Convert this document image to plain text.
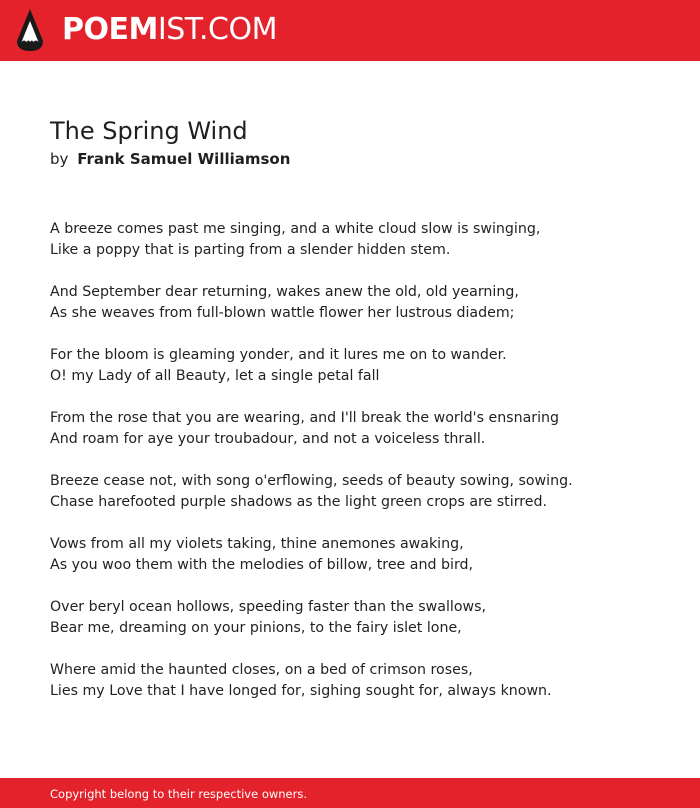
POEMIST.COM
The Spring Wind
by Frank Samuel Williamson

A breeze comes past me singing, and a white cloud slow is swinging,
Like a poppy that is parting from a slender hidden stem.

And September dear returning, wakes anew the old, old yearning,
As she weaves from full-blown wattle flower her lustrous diadem;

For the bloom is gleaming yonder, and it lures me on to wander.
O! my Lady of all Beauty, let a single petal fall

From the rose that you are wearing, and I'll break the world's ensnaring
And roam for aye your troubadour, and not a voiceless thrall.

Breeze cease not, with song o'erflowing, seeds of beauty sowing, sowing.
Chase harefooted purple shadows as the light green crops are stirred.

Vows from all my violets taking, thine anemones awaking,
As you woo them with the melodies of billow, tree and bird,

Over beryl ocean hollows, speeding faster than the swallows,
Bear me, dreaming on your pinions, to the fairy islet lone,

Where amid the haunted closes, on a bed of crimson roses,
Lies my Love that I have longed for, sighing sought for, always known.

Copyright belong to their respective owners.
